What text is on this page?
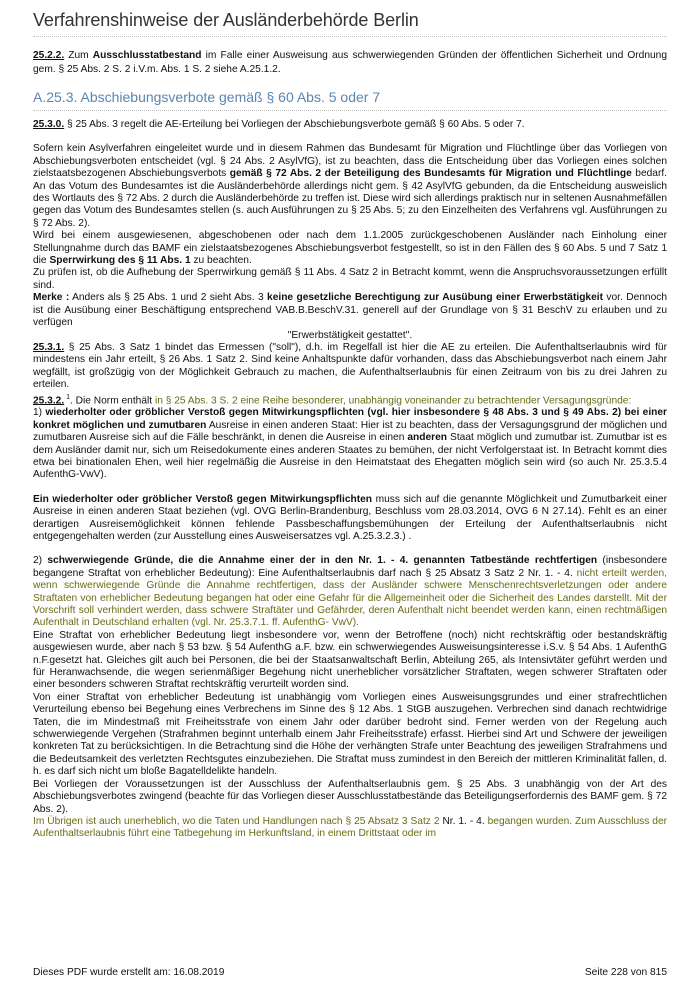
Verfahrenshinweise der Ausländerbehörde Berlin

25.2.2. Zum Ausschlusstatbestand im Falle einer Ausweisung aus schwerwiegenden Gründen der öffentlichen Sicherheit und Ordnung gem. § 25 Abs. 2 S. 2 i.V.m. Abs. 1 S. 2 siehe A.25.1.2.

A.25.3. Abschiebungsverbote gemäß § 60 Abs. 5 oder 7

25.3.0. § 25 Abs. 3 regelt die AE-Erteilung bei Vorliegen der Abschiebungsverbote gemäß § 60 Abs. 5 oder 7.

Sofern kein Asylverfahren eingeleitet wurde und in diesem Rahmen das Bundesamt für Migration und Flüchtlinge über das Vorliegen von Abschiebungsverboten entscheidet (vgl. § 24 Abs. 2 AsylVfG), ist zu beachten, dass die Entscheidung über das Vorliegen eines solchen zielstaatsbezogenen Abschiebungsverbots gemäß § 72 Abs. 2 der Beteiligung des Bundesamts für Migration und Flüchtlinge bedarf. An das Votum des Bundesamtes ist die Ausländerbehörde allerdings nicht gem. § 42 AsylVfG gebunden, da die Entscheidung ausweislich des Wortlauts des § 72 Abs. 2 durch die Ausländerbehörde zu treffen ist. Diese wird sich allerdings praktisch nur in seltenen Ausnahmefällen gegen das Votum des Bundesamtes stellen (s. auch Ausführungen zu § 25 Abs. 5; zu den Einzelheiten des Verfahrens vgl. Ausführungen zu § 72 Abs. 2).

Wird bei einem ausgewiesenen, abgeschobenen oder nach dem 1.1.2005 zurückgeschobenen Ausländer nach Einholung einer Stellungnahme durch das BAMF ein zielstaatsbezogenes Abschiebungsverbot festgestellt, so ist in den Fällen des § 60 Abs. 5 und 7 Satz 1 die Sperrwirkung des § 11 Abs. 1 zu beachten.

Zu prüfen ist, ob die Aufhebung der Sperrwirkung gemäß § 11 Abs. 4 Satz 2 in Betracht kommt, wenn die Anspruchsvoraussetzungen erfüllt sind.

Merke : Anders als § 25 Abs. 1 und 2 sieht Abs. 3 keine gesetzliche Berechtigung zur Ausübung einer Erwerbstätigkeit vor. Dennoch ist die Ausübung einer Beschäftigung entsprechend VAB.B.BeschV.31. generell auf der Grundlage von § 31 BeschV zu erlauben und zu verfügen

"Erwerbstätigkeit gestattet".

25.3.1. § 25 Abs. 3 Satz 1 bindet das Ermessen ("soll"), d.h. im Regelfall ist hier die AE zu erteilen. Die Aufenthaltserlaubnis wird für mindestens ein Jahr erteilt, § 26 Abs. 1 Satz 2. Sind keine Anhaltspunkte dafür vorhanden, dass das Abschiebungsverbot nach einem Jahr wegfällt, ist großzügig von der Möglichkeit Gebrauch zu machen, die Aufenthaltserlaubnis für einen Zeitraum von bis zu drei Jahren zu erteilen.

25.3.2. $^1$. Die Norm enthält in § 25 Abs. 3 S. 2 eine Reihe besonderer, unabhängig voneinander zu betrachtender Versagungsgründe:

1) wiederholter oder gröblicher Verstoß gegen Mitwirkungspflichten (vgl. hier insbesondere § 48 Abs. 3 und § 49 Abs. 2) bei einer konkret möglichen und zumutbaren Ausreise in einen anderen Staat: Hier ist zu beachten, dass der Versagungsgrund der möglichen und zumutbaren Ausreise sich auf die Fälle beschränkt, in denen die Ausreise in einen anderen Staat möglich und zumutbar ist. Zumutbar ist es dem Ausländer damit nur, sich um Reisedokumente eines anderen Staates zu bemühen, der nicht Verfolgerstaat ist. In Betracht kommt dies etwa bei binationalen Ehen, weil hier regelmäßig die Ausreise in den Heimatstaat des Ehegatten möglich sein wird (so auch Nr. 25.3.5.4 AufenthG-VwV).

Ein wiederholter oder gröblicher Verstoß gegen Mitwirkungspflichten muss sich auf die genannte Möglichkeit und Zumutbarkeit einer Ausreise in einen anderen Staat beziehen (vgl. OVG Berlin-Brandenburg, Beschluss vom 28.03.2014, OVG 6 N 27.14). Fehlt es an einer derartigen Ausreisemöglichkeit können fehlende Passbeschaffungsbemühungen der Erteilung der Aufenthaltserlaubnis nicht entgegengehalten werden (zur Ausstellung eines Ausweisersatzes vgl. A.25.3.2.3.) .

2) schwerwiegende Gründe, die die Annahme einer der in den Nr. 1. - 4. genannten Tatbestände rechtfertigen (insbesondere begangene Straftat von erheblicher Bedeutung): Eine Aufenthaltserlaubnis darf nach § 25 Absatz 3 Satz 2 Nr. 1. - 4. nicht erteilt werden, wenn schwerwiegende Gründe die Annahme rechtfertigen, dass der Ausländer schwere Menschenrechtsverletzungen oder andere Straftaten von erheblicher Bedeutung begangen hat oder eine Gefahr für die Allgemeinheit oder die Sicherheit des Landes darstellt. Mit der Vorschrift soll verhindert werden, dass schwere Straftäter und Gefährder, deren Aufenthalt nicht beendet werden kann, einen rechtmäßigen Aufenthalt in Deutschland erhalten (vgl. Nr. 25.3.7.1. ff. AufenthG- VwV).

Eine Straftat von erheblicher Bedeutung liegt insbesondere vor, wenn der Betroffene (noch) nicht rechtskräftig oder bestandskräftig ausgewiesen wurde, aber nach § 53 bzw. § 54 AufenthG a.F. bzw. ein schwerwiegendes Ausweisungsinteresse i.S.v. § 54 Abs. 1 AufenthG n.F.gesetzt hat. Gleiches gilt auch bei Personen, die bei der Staatsanwaltschaft Berlin, Abteilung 265, als Intensivtäter geführt werden und für Heranwachsende, die wegen serienmäßiger Begehung nicht unerheblicher vorsätzlicher Straftaten, wegen schwerer Straftaten oder einer besonders schweren Straftat rechtskräftig verurteilt worden sind.

Von einer Straftat von erheblicher Bedeutung ist unabhängig vom Vorliegen eines Ausweisungsgrundes und einer strafrechtlichen Verurteilung ebenso bei Begehung eines Verbrechens im Sinne des § 12 Abs. 1 StGB auszugehen. Verbrechen sind danach rechtwidrige Taten, die im Mindestmaß mit Freiheitsstrafe von einem Jahr oder darüber bedroht sind. Ferner werden von der Regelung auch schwerwiegende Vergehen (Strafrahmen beginnt unterhalb einem Jahr Freiheitsstrafe) erfasst. Hierbei sind Art und Schwere der jeweiligen konkreten Tat zu berücksichtigen. In die Betrachtung sind die Höhe der verhängten Strafe unter Beachtung des jeweiligen Strafrahmens und die Bedeutsamkeit des verletzten Rechtsgutes einzubeziehen. Die Straftat muss zumindest in den Bereich der mittleren Kriminalität fallen, d. h. es darf sich nicht um bloße Bagatelldelikte handeln.

Bei Vorliegen der Voraussetzungen ist der Ausschluss der Aufenthaltserlaubnis gem. § 25 Abs. 3 unabhängig von der Art des Abschiebungsverbotes zwingend (beachte für das Vorliegen dieser Ausschlusstatbestände das Beteiligungserfordernis des BAMF gem. § 72 Abs. 2).

Im Übrigen ist auch unerheblich, wo die Taten und Handlungen nach § 25 Absatz 3 Satz 2 Nr. 1. - 4. begangen wurden. Zum Ausschluss der Aufenthaltserlaubnis führt eine Tatbegehung im Herkunftsland, in einem Drittstaat oder im

Dieses PDF wurde erstellt am: 16.08.2019	Seite 228 von 815
